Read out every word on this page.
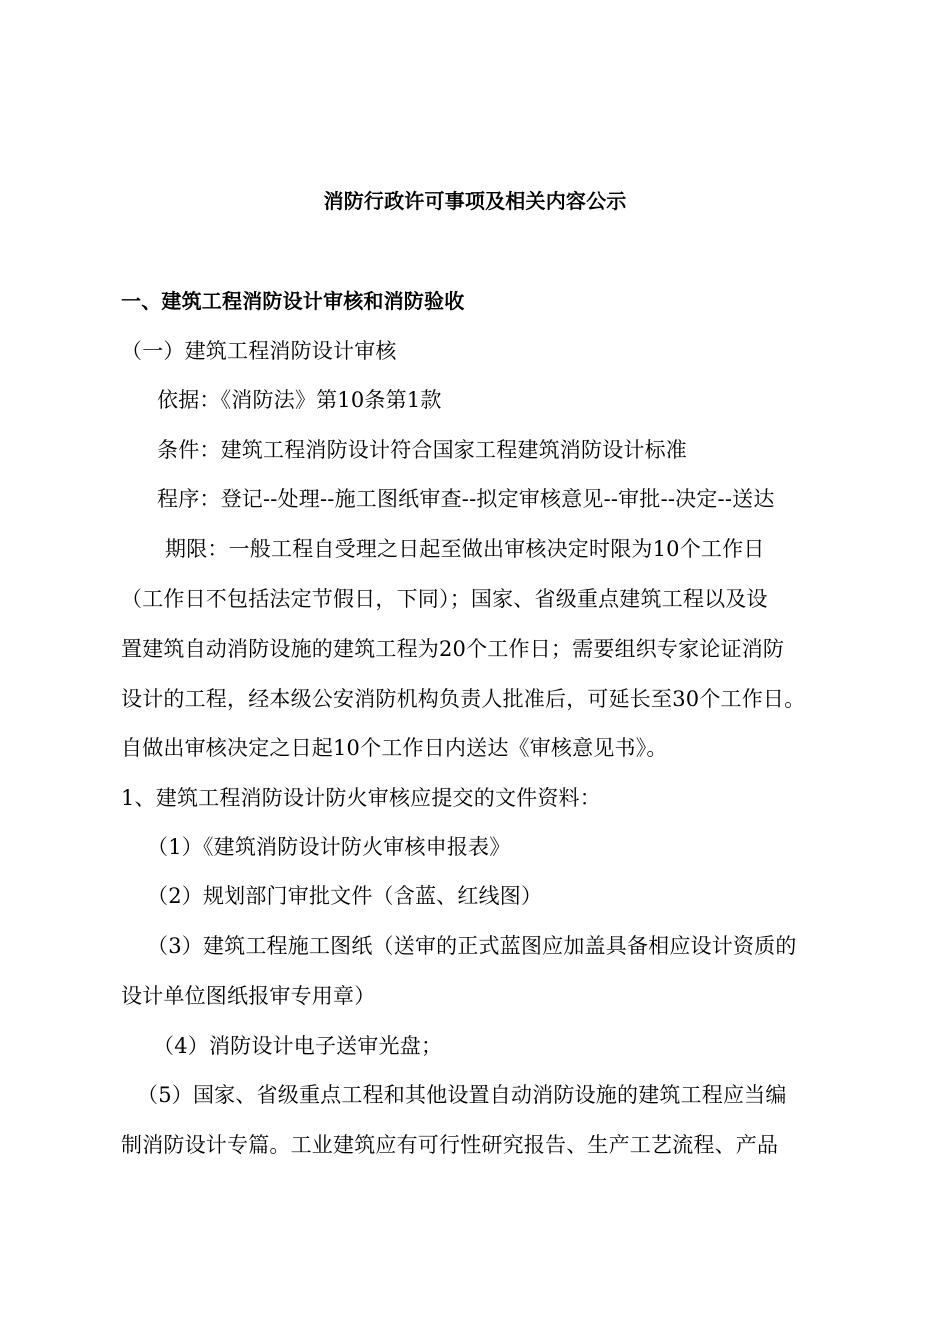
消防行政许可事项及相关内容公示
一、建筑工程消防设计审核和消防验收
（一）建筑工程消防设计审核
依据：《消防法》第10条第1款
条件：建筑工程消防设计符合国家工程建筑消防设计标准
程序：登记--处理--施工图纸审查--拟定审核意见--审批--决定--送达
期限：一般工程自受理之日起至做出审核决定时限为10个工作日
（工作日不包括法定节假日，下同）；国家、省级重点建筑工程以及设
置建筑自动消防设施的建筑工程为20个工作日；需要组织专家论证消防
设计的工程，经本级公安消防机构负责人批准后，可延长至30个工作日。
自做出审核决定之日起10个工作日内送达《审核意见书》。
1、建筑工程消防设计防火审核应提交的文件资料：
（1）《建筑消防设计防火审核申报表》
（2）规划部门审批文件（含蓝、红线图）
（3）建筑工程施工图纸（送审的正式蓝图应加盖具备相应设计资质的
设计单位图纸报审专用章）
（4）消防设计电子送审光盘；
（5）国家、省级重点工程和其他设置自动消防设施的建筑工程应当编
制消防设计专篇。工业建筑应有可行性研究报告、生产工艺流程、产品
